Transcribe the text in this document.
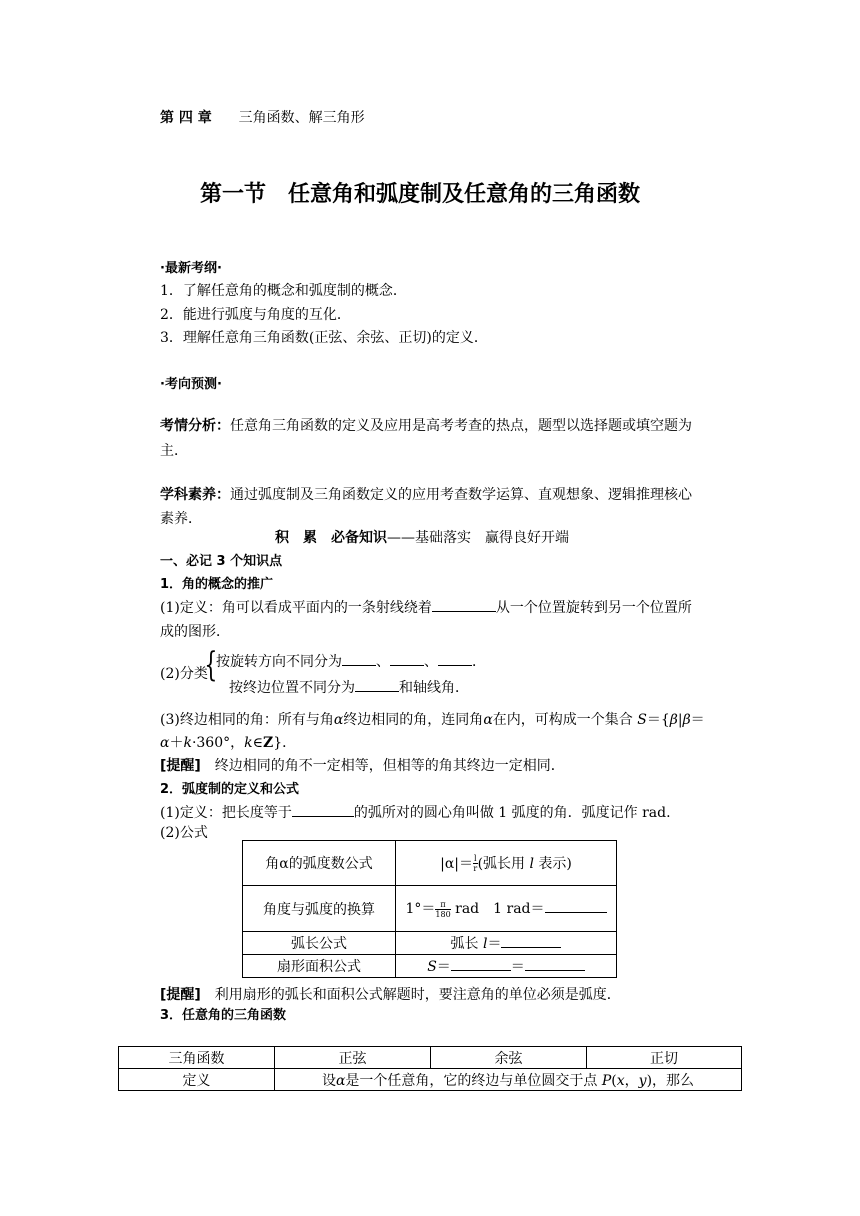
第 四 章 三角函数、解三角形
第一节　任意角和弧度制及任意角的三角函数
·最新考纲·
1．了解任意角的概念和弧度制的概念．
2．能进行弧度与角度的互化．
3．理解任意角三角函数(正弦、余弦、正切)的定义．
·考向预测·
考情分析：任意角三角函数的定义及应用是高考考查的热点，题型以选择题或填空题为
主．
学科素养：通过弧度制及三角函数定义的应用考查数学运算、直观想象、逻辑推理核心
素养．
积　累　必备知识——基础落实　赢得良好开端
一、必记 3 个知识点
1．角的概念的推广
(1)定义：角可以看成平面内的一条射线绕着	从一个位置旋转到另一个位置所
成的图形．
(2)分类
{
按旋转方向不同分为 、 、 ．
按终边位置不同分为	和轴线角．
(3)终边相同的角：所有与角α终边相同的角，连同角α在内，可构成一个集合 S＝{β|β＝
α＋k·360°，k∈Z}．
[提醒]　终边相同的角不一定相等，但相等的角其终边一定相同．
2．弧度制的定义和公式
(1)定义：把长度等于	的弧所对的圆心角叫做 1 弧度的角．弧度记作 rad.
(2)公式
角α的弧度数公式	$|\alpha|= \frac{l}{r}$ (弧长用 l 表示)
角度与弧度的换算	$1^\circ= \frac{\pi}{180}$ rad　1 rad＝
弧长公式	弧长 l＝
扇形面积公式	S＝ ＝
[提醒]　利用扇形的弧长和面积公式解题时，要注意角的单位必须是弧度．
3．任意角的三角函数
三角函数	正弦	余弦	正切
定义	设α是一个任意角，它的终边与单位圆交于点 P(x，y)，那么		
